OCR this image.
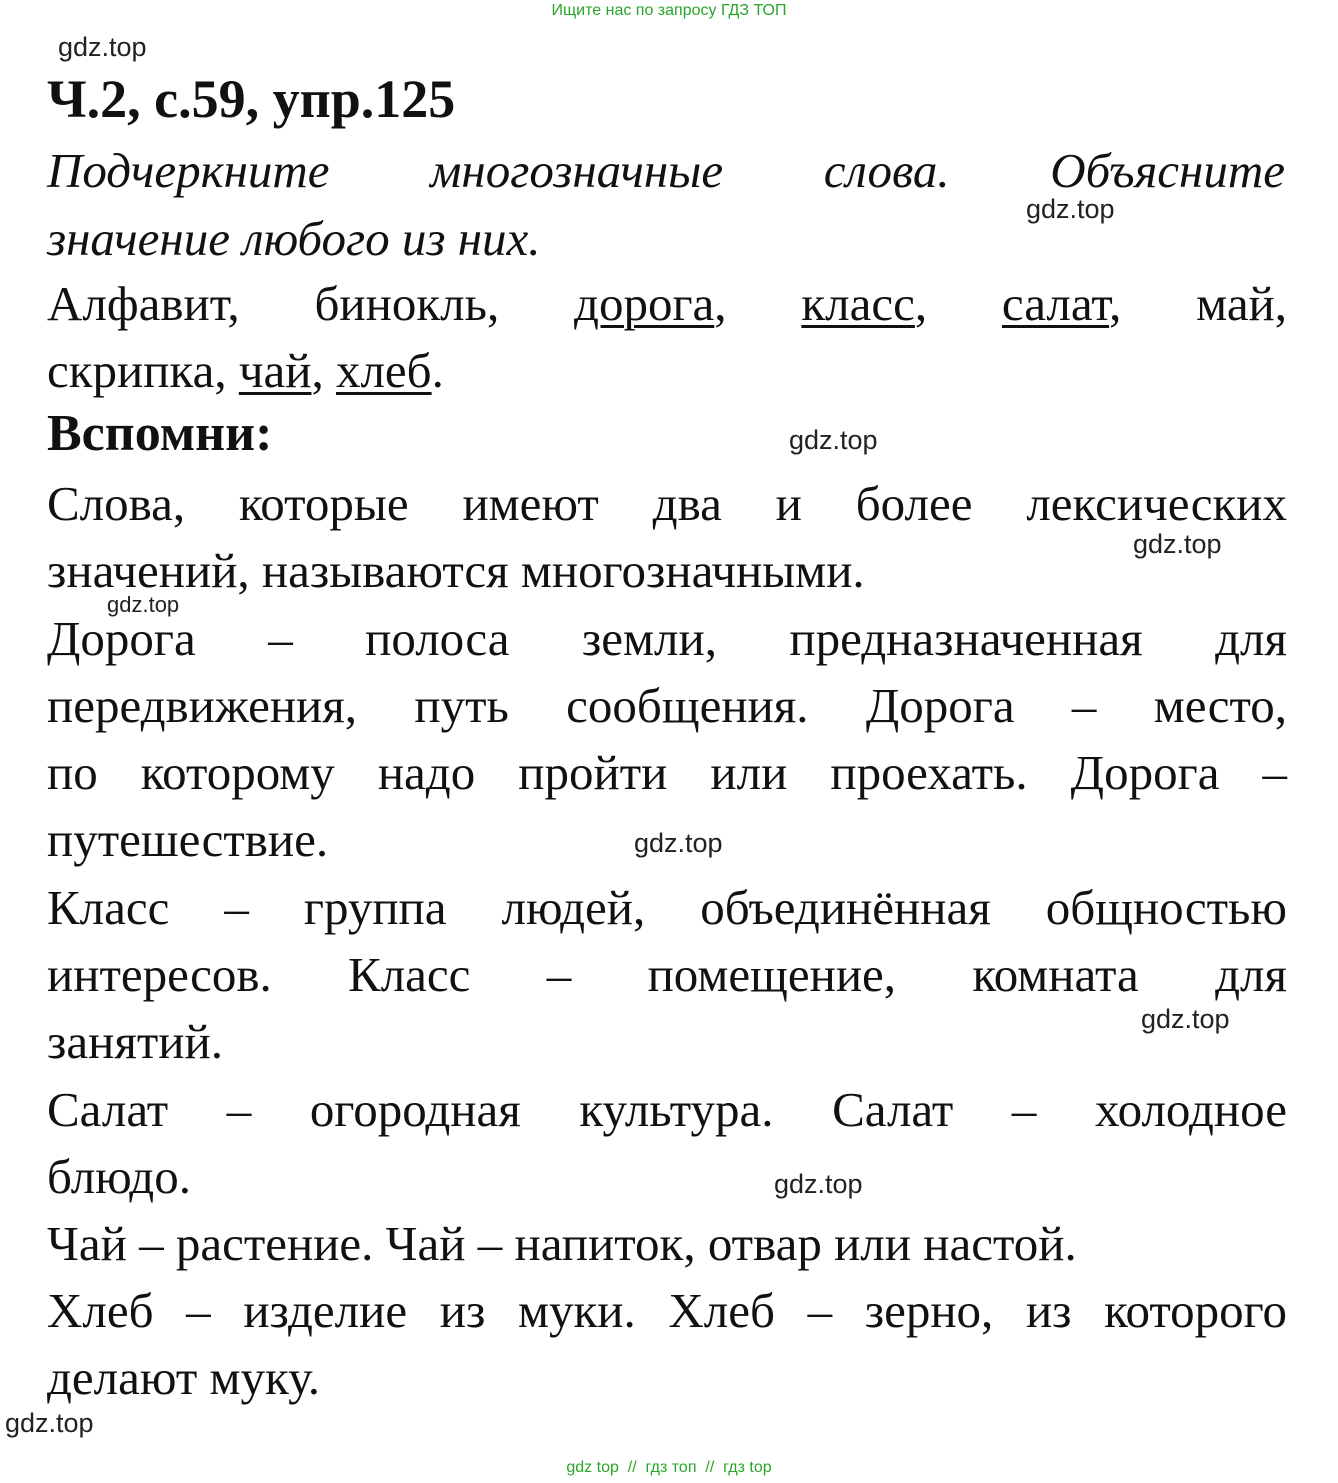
Ищите нас по запросу ГДЗ ТОП
gdz.top
Ч.2, с.59, упр.125
Подчеркните многозначные слова. Объясните
значение любого из них.
gdz.top
Алфавит, бинокль, дорога, класс, салат, май,
скрипка, чай, хлеб.
Вспомни:	gdz.top
Слова, которые имеют два и более лексических
значений, называются многозначными.	gdz.top
gdz.top
Дорога – полоса земли, предназначенная для
передвижения, путь сообщения. Дорога – место,
по которому надо пройти или проехать. Дорога –
путешествие.	gdz.top
Класс – группа людей, объединённая общностью
интересов. Класс – помещение, комната для
занятий.	gdz.top
Салат – огородная культура. Салат – холодное
блюдо.	gdz.top
Чай – растение. Чай – напиток, отвар или настой.
Хлеб – изделие из муки. Хлеб – зерно, из которого
делают муку.
gdz.top
gdz top  //  гдз топ  //  гдз top
